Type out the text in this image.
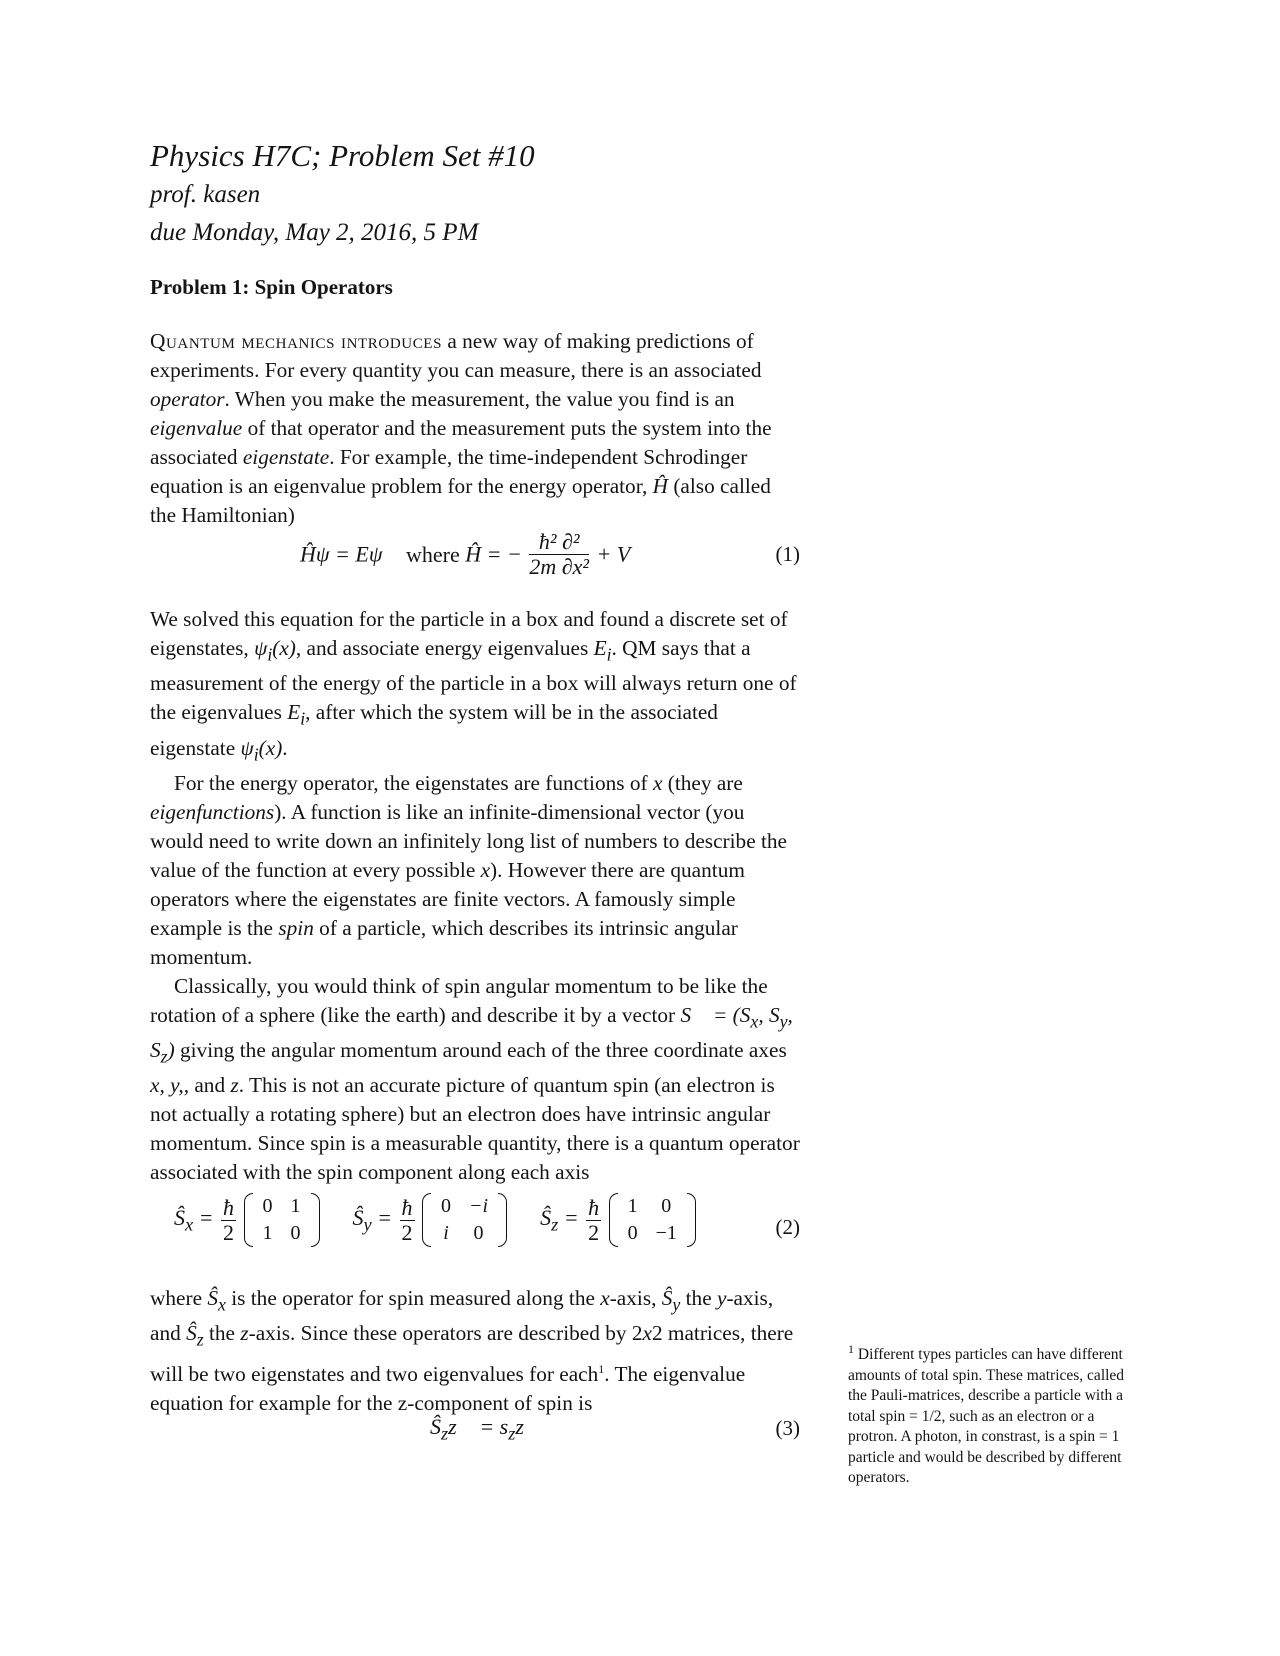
Physics H7C; Problem Set #10

prof. kasen

due Monday, May 2, 2016, 5 PM

Problem 1: Spin Operators

Quantum mechanics introduces a new way of making predictions of experiments. For every quantity you can measure, there is an associated operator. When you make the measurement, the value you find is an eigenvalue of that operator and the measurement puts the system into the associated eigenstate. For example, the time-independent Schrodinger equation is an eigenvalue problem for the energy operator, Ĥ (also called the Hamiltonian)

Ĥψ = Eψ where Ĥ = − $\frac{\text{ħ² ∂²}}{\text{2m ∂x²}} + V$	(1)

We solved this equation for the particle in a box and found a discrete set of eigenstates, $\psi_i(x)$, and associate energy eigenvalues $E_i$. QM says that a measurement of the energy of the particle in a box will always return one of the eigenvalues $E_i$, after which the system will be in the associated eigenstate $\psi_i(x)$.
For the energy operator, the eigenstates are functions of x (they are eigenfunctions). A function is like an infinite-dimensional vector (you would need to write down an infinitely long list of numbers to describe the value of the function at every possible x). However there are quantum operators where the eigenstates are finite vectors. A famously simple example is the spin of a particle, which describes its intrinsic angular momentum.
Classically, you would think of spin angular momentum to be like the rotation of a sphere (like the earth) and describe it by a vector S⃗ = ($S_x$, $S_y$, $S_z$) giving the angular momentum around each of the three coordinate axes x, y,, and z. This is not an accurate picture of quantum spin (an electron is not actually a rotating sphere) but an electron does have intrinsic angular momentum. Since spin is a measurable quantity, there is a quantum operator associated with the spin component along each axis

$Ŝ_x = \frac{ħ}{2}$
0	1
1	0
$Ŝ_y = \frac{ħ}{2}$
0	−i
i	0
$Ŝ_z = \frac{ħ}{2}$
1	0
0	−1	(2)

where $Ŝ_x$ is the operator for spin measured along the x-axis, $Ŝ_y$ the y-axis, and $Ŝ_z$ the z-axis. Since these operators are described by 2x2 matrices, there will be two eigenstates and two eigenvalues for each$^1$. The eigenvalue equation for example for the z-component of spin is

$Ŝ_zz⃗$ = $s_zz⃗$	(3)
$^1$ Different types particles can have different amounts of total spin. These matrices, called the Pauli-matrices, describe a particle with a total spin = 1/2, such as an electron or a protron. A photon, in constrast, is a spin = 1 particle and would be described by different operators.
